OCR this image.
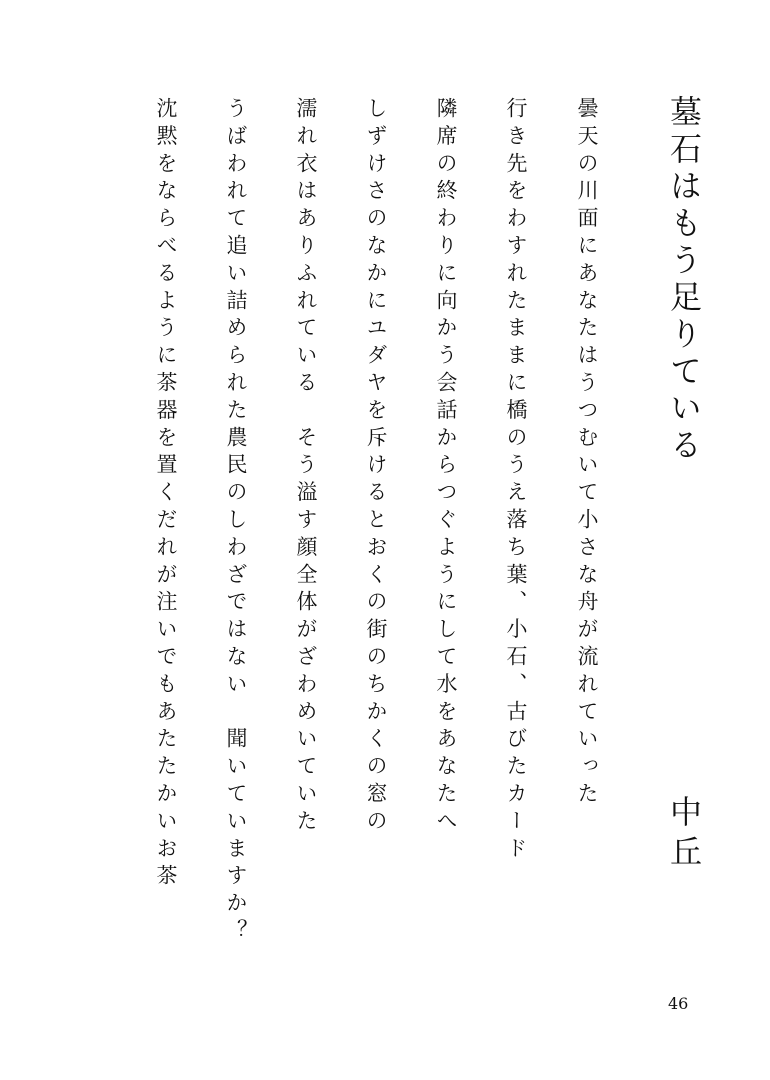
墓石はもう足りている
中丘
曇天の川面にあなたはうつむいて小さな舟が流れていった
行き先をわすれたままに橋のうえ落ち葉、小石、古びたカード
隣席の終わりに向かう会話からつぐようにして水をあなたへ
しずけさのなかにユダヤを斥けるとおくの街のちかくの窓の
濡れ衣はありふれている　そう溢す顔全体がざわめいていた
うばわれて追い詰められた農民のしわざではない　聞いていますか？
沈黙をならべるように茶器を置くだれが注いでもあたたかいお茶
46
